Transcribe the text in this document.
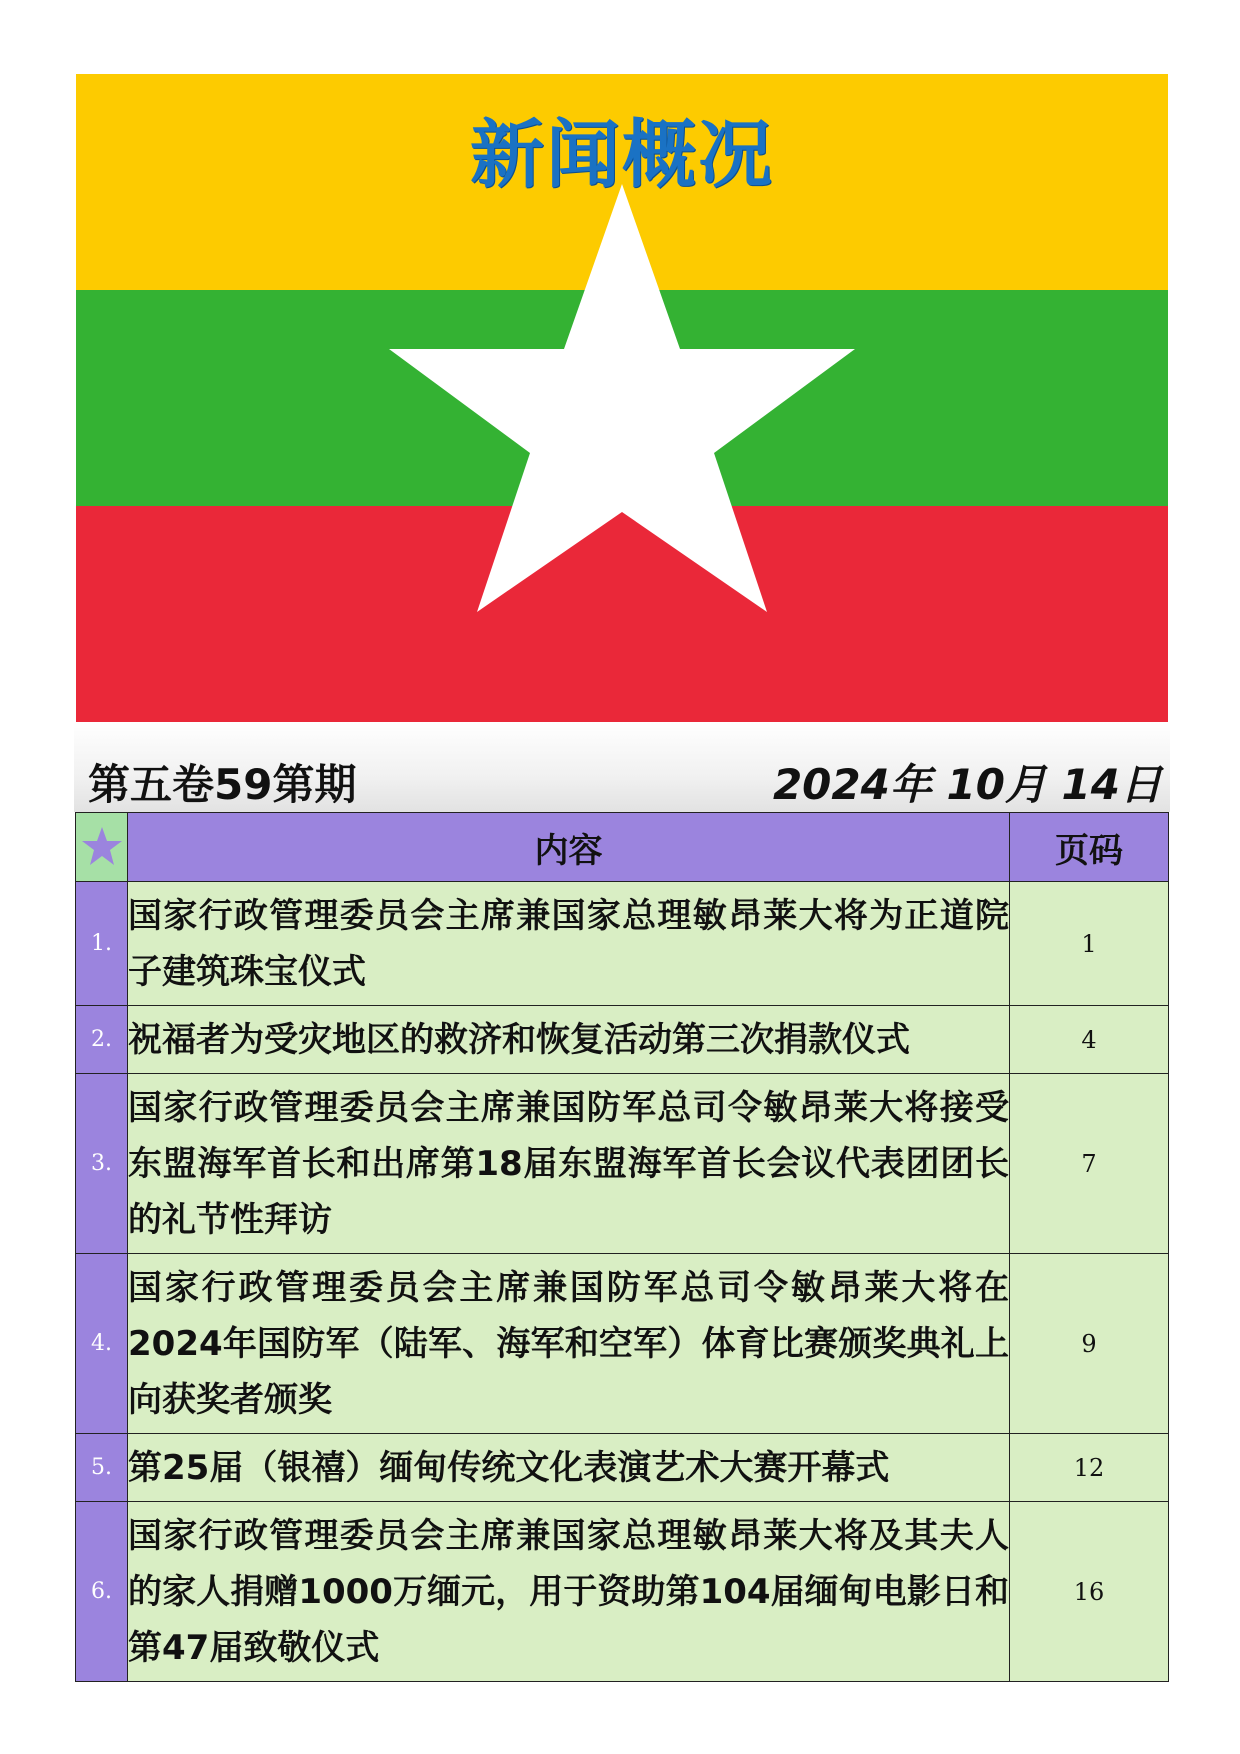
新闻概况
第五卷59第期	2024年 10月 14日
	内容	页码
1.	国家行政管理委员会主席兼国家总理敏昂莱大将为正道院子建筑珠宝仪式	1
2.	祝福者为受灾地区的救济和恢复活动第三次捐款仪式	4
3.	国家行政管理委员会主席兼国防军总司令敏昂莱大将接受东盟海军首长和出席第18届东盟海军首长会议代表团团长的礼节性拜访	7
4.	国家行政管理委员会主席兼国防军总司令敏昂莱大将在2024年国防军（陆军、海军和空军）体育比赛颁奖典礼上向获奖者颁奖	9
5.	第25届（银禧）缅甸传统文化表演艺术大赛开幕式	12
6.	国家行政管理委员会主席兼国家总理敏昂莱大将及其夫人的家人捐赠1000万缅元，用于资助第104届缅甸电影日和第47届致敬仪式	16
